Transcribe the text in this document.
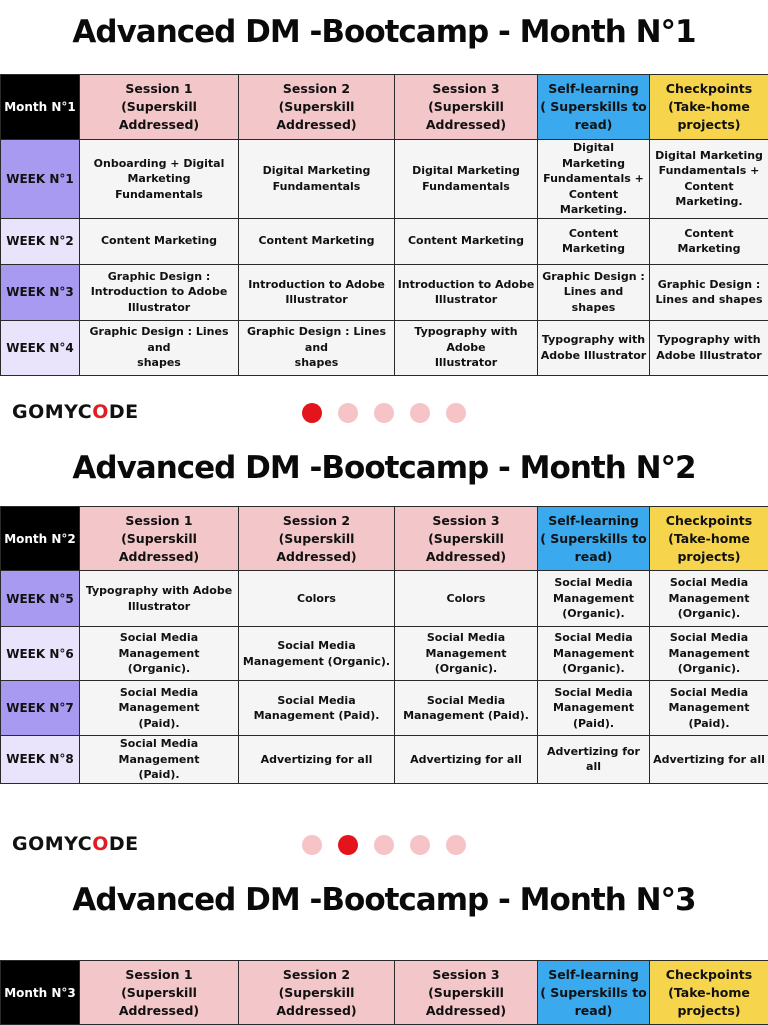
Advanced DM -Bootcamp - Month N°1
Month N°1	Session 1
(Superskill Addressed)	Session 2
(Superskill
Addressed)	Session 3
(Superskill
Addressed)	Self-learning
( Superskills to
read)	Checkpoints
(Take-home
projects)
WEEK N°1	Onboarding + Digital
Marketing Fundamentals	Digital Marketing
Fundamentals	Digital Marketing
Fundamentals	Digital Marketing
Fundamentals +
Content
Marketing.	Digital Marketing
Fundamentals +
Content Marketing.
WEEK N°2	Content Marketing	Content Marketing	Content Marketing	Content Marketing	Content Marketing
WEEK N°3	Graphic Design :
Introduction to Adobe
Illustrator	Introduction to Adobe
Illustrator	Introduction to Adobe
Illustrator	Graphic Design :
Lines and shapes	Graphic Design :
Lines and shapes
WEEK N°4	Graphic Design : Lines and
shapes	Graphic Design : Lines and
shapes	Typography with Adobe
Illustrator	Typography with
Adobe Illustrator	Typography with
Adobe Illustrator
GOMYCODE
Advanced DM -Bootcamp - Month N°2
Month N°2	Session 1
(Superskill Addressed)	Session 2
(Superskill
Addressed)	Session 3
(Superskill
Addressed)	Self-learning
( Superskills to
read)	Checkpoints
(Take-home
projects)
WEEK N°5	Typography with Adobe
Illustrator	Colors	Colors	Social Media
Management
(Organic).	Social Media
Management
(Organic).
WEEK N°6	Social Media Management
(Organic).	Social Media
Management (Organic).	Social Media
Management
(Organic).	Social Media
Management
(Organic).	Social Media
Management
(Organic).
WEEK N°7	Social Media Management
(Paid).	Social Media
Management (Paid).	Social Media
Management (Paid).	Social Media
Management
(Paid).	Social Media
Management
(Paid).
WEEK N°8	Social Media Management
(Paid).	Advertizing for all	Advertizing for all	Advertizing for all	Advertizing for all
GOMYCODE
Advanced DM -Bootcamp - Month N°3
Month N°3	Session 1
(Superskill Addressed)	Session 2
(Superskill
Addressed)	Session 3
(Superskill
Addressed)	Self-learning
( Superskills to
read)	Checkpoints
(Take-home
projects)
